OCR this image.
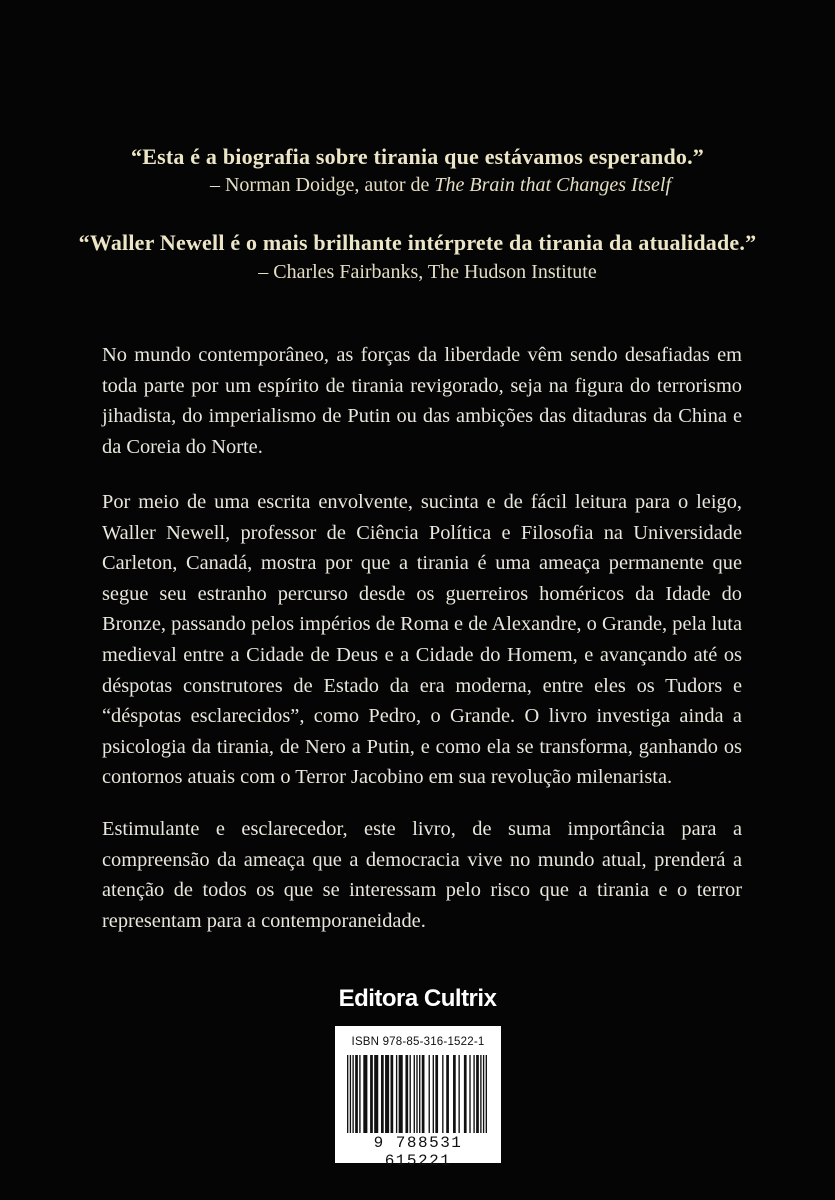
“Esta é a biografia sobre tirania que estávamos esperando.”
– Norman Doidge, autor de The Brain that Changes Itself
“Waller Newell é o mais brilhante intérprete da tirania da atualidade.”
– Charles Fairbanks, The Hudson Institute

No mundo contemporâneo, as forças da liberdade vêm sendo desafiadas em toda parte por um espírito de tirania revigorado, seja na figura do terrorismo jihadista, do imperialismo de Putin ou das ambições das ditaduras da China e da Coreia do Norte.

Por meio de uma escrita envolvente, sucinta e de fácil leitura para o leigo, Waller Newell, professor de Ciência Política e Filosofia na Universidade Carleton, Canadá, mostra por que a tirania é uma ameaça permanente que segue seu estranho percurso desde os guerreiros homéricos da Idade do Bronze, passando pelos impérios de Roma e de Alexandre, o Grande, pela luta medieval entre a Cidade de Deus e a Cidade do Homem, e avançando até os déspotas construtores de Estado da era moderna, entre eles os Tudors e “déspotas esclarecidos”, como Pedro, o Grande. O livro investiga ainda a psicologia da tirania, de Nero a Putin, e como ela se transforma, ganhando os contornos atuais com o Terror Jacobino em sua revolução milenarista.

Estimulante e esclarecedor, este livro, de suma importância para a compreensão da ameaça que a democracia vive no mundo atual, prenderá a atenção de todos os que se interessam pelo risco que a tirania e o terror representam para a contemporaneidade.

Editora Cultrix
ISBN 978-85-316-1522-1
9 788531 615221
